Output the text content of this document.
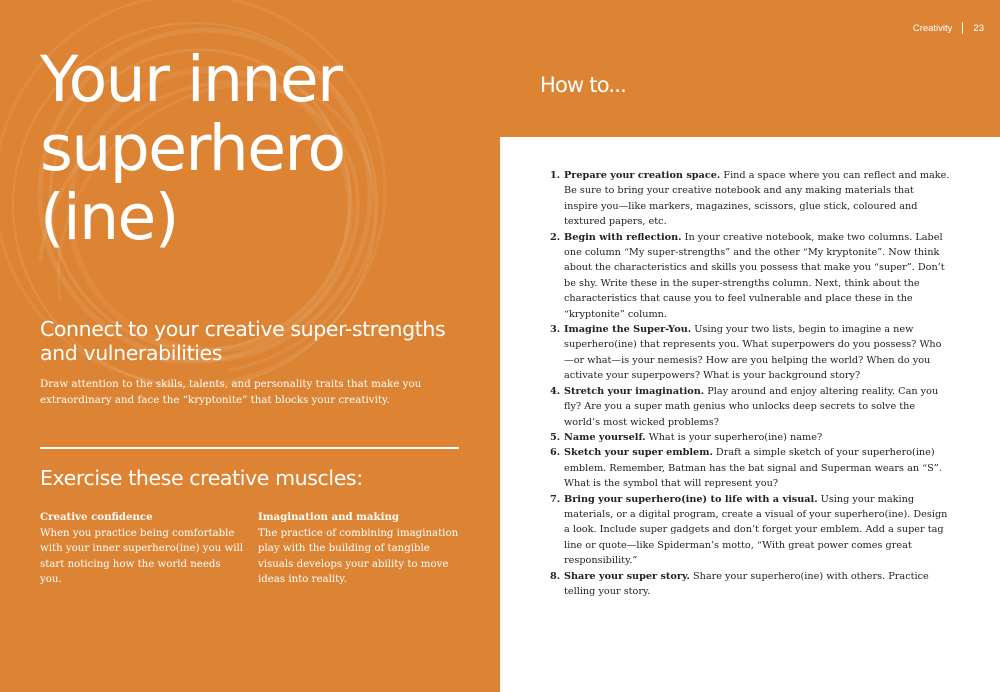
Your inner
superhero
(ine)
Connect to your creative super-strengths and vulnerabilities

Draw attention to the skills, talents, and personality traits that make you extraordinary and face the “kryptonite” that blocks your creativity.

Exercise these creative muscles:
Creative confidence
When you practice being comfortable with your inner superhero(ine) you will start noticing how the world needs you.
Imagination and making
The practice of combining imagination play with the building of tangible visuals develops your ability to move ideas into reality.
Creativity 23
How to...
1. Prepare your creation space. Find a space where you can reflect and make. Be sure to bring your creative notebook and any making materials that inspire you—like markers, magazines, scissors, glue stick, coloured and textured papers, etc.
2. Begin with reflection. In your creative notebook, make two columns. Label one column “My super-strengths” and the other “My kryptonite”. Now think about the characteristics and skills you possess that make you “super”. Don’t be shy. Write these in the super-strengths column. Next, think about the characteristics that cause you to feel vulnerable and place these in the “kryptonite” column.
3. Imagine the Super-You. Using your two lists, begin to imagine a new superhero(ine) that represents you. What superpowers do you possess? Who—or what—is your nemesis? How are you helping the world? When do you activate your superpowers? What is your background story?
4. Stretch your imagination. Play around and enjoy altering reality. Can you fly? Are you a super math genius who unlocks deep secrets to solve the world’s most wicked problems?
5. Name yourself. What is your superhero(ine) name?
6. Sketch your super emblem. Draft a simple sketch of your superhero(ine) emblem. Remember, Batman has the bat signal and Superman wears an “S”. What is the symbol that will represent you?
7. Bring your superhero(ine) to life with a visual. Using your making materials, or a digital program, create a visual of your superhero(ine). Design a look. Include super gadgets and don’t forget your emblem. Add a super tag line or quote—like Spiderman’s motto, “With great power comes great responsibility.”
8. Share your super story. Share your superhero(ine) with others. Practice telling your story.
